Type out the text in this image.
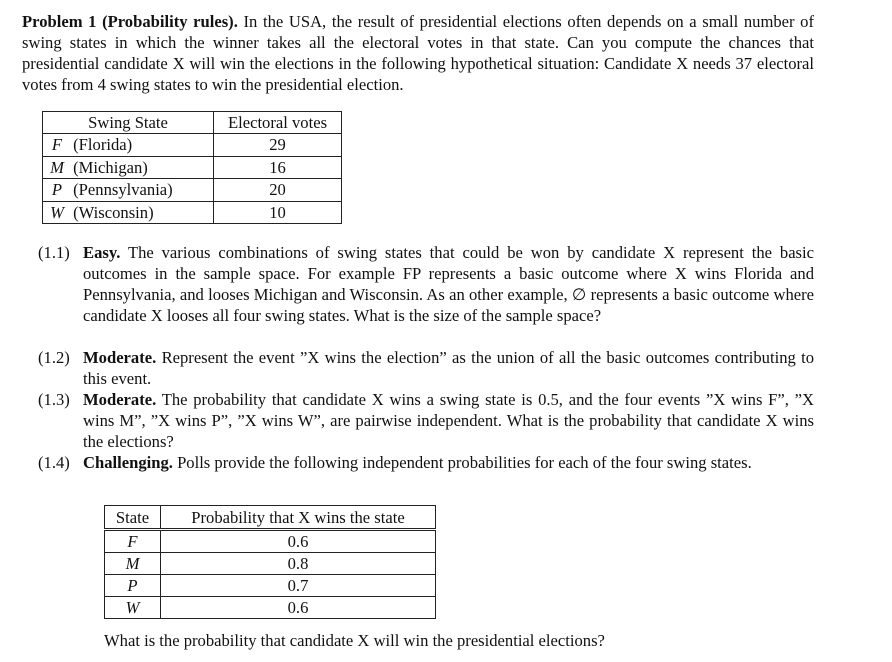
Problem 1 (Probability rules). In the USA, the result of presidential elections often depends on a small number of swing states in which the winner takes all the electoral votes in that state. Can you compute the chances that presidential candidate X will win the elections in the following hypothetical situation: Candidate X needs 37 electoral votes from 4 swing states to win the presidential election.
Swing State	Electoral votes
F (Florida)	29
M (Michigan)	16
P (Pennsylvania)	20
W (Wisconsin)	10
(1.1) Easy. The various combinations of swing states that could be won by candidate X represent the basic outcomes in the sample space. For example FP represents a basic outcome where X wins Florida and Pennsylvania, and looses Michigan and Wisconsin. As an other example, ∅ represents a basic outcome where candidate X looses all four swing states. What is the size of the sample space?
(1.2) Moderate. Represent the event ”X wins the election” as the union of all the basic outcomes contributing to this event.
(1.3) Moderate. The probability that candidate X wins a swing state is 0.5, and the four events ”X wins F”, ”X wins M”, ”X wins P”, ”X wins W”, are pairwise independent. What is the probability that candidate X wins the elections?
(1.4) Challenging. Polls provide the following independent probabilities for each of the four swing states.
State	Probability that X wins the state
F	0.6
M	0.8
P	0.7
W	0.6
What is the probability that candidate X will win the presidential elections?
